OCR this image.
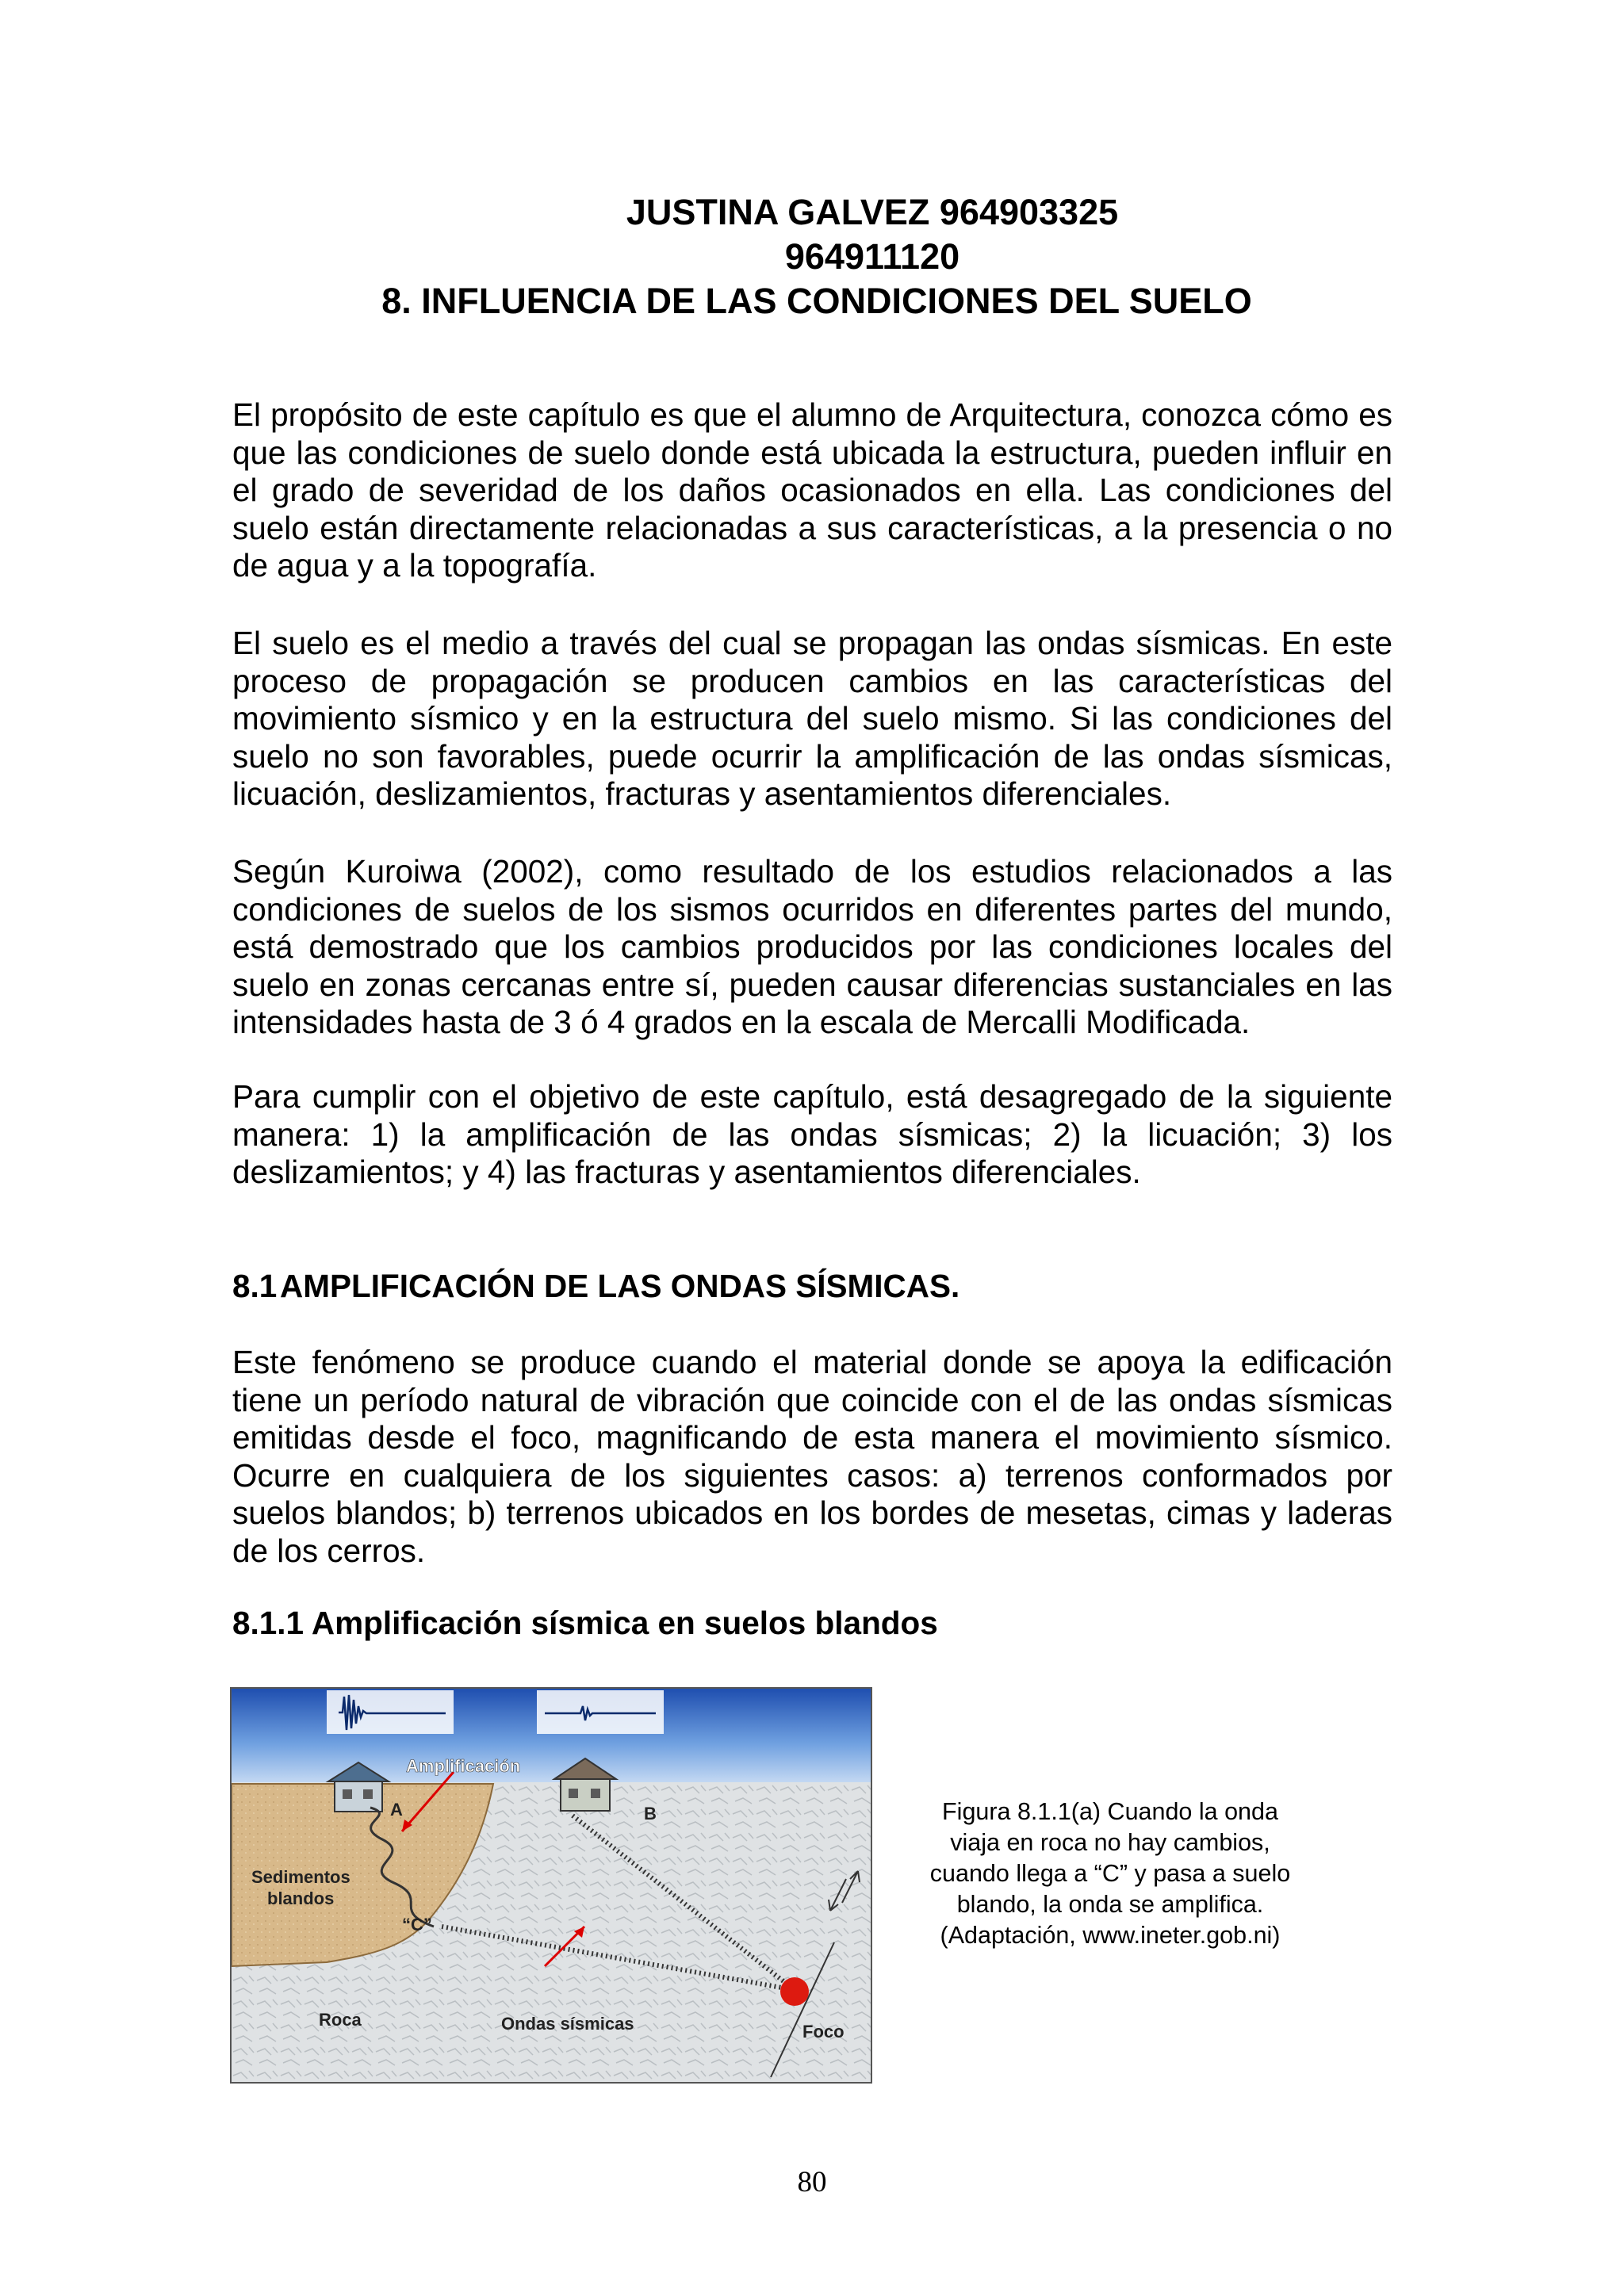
JUSTINA GALVEZ 964903325
964911120
8. INFLUENCIA DE LAS CONDICIONES DEL SUELO
El propósito de este capítulo es que el alumno de Arquitectura, conozca cómo es que las condiciones de suelo donde está ubicada la estructura, pueden influir en el grado de severidad de los daños ocasionados en ella. Las condiciones del suelo están directamente relacionadas a sus características, a la presencia o no de agua y a la topografía.
El suelo es el medio a través del cual se propagan las ondas sísmicas. En este proceso de propagación se producen cambios en las características del movimiento sísmico y en la estructura del suelo mismo. Si las condiciones del suelo no son favorables, puede ocurrir la amplificación de las ondas sísmicas, licuación, deslizamientos, fracturas y asentamientos diferenciales.
Según Kuroiwa (2002), como resultado de los estudios relacionados a las condiciones de suelos de los sismos ocurridos en diferentes partes del mundo, está demostrado que los cambios producidos por las condiciones locales del suelo en zonas cercanas entre sí, pueden causar diferencias sustanciales en las intensidades hasta de 3 ó 4 grados en la escala de Mercalli Modificada.
Para cumplir con el objetivo de este capítulo, está desagregado de la siguiente manera: 1) la amplificación de las ondas sísmicas; 2) la licuación; 3) los deslizamientos; y 4) las fracturas y asentamientos diferenciales.
8.1AMPLIFICACIÓN DE LAS ONDAS SÍSMICAS.
Este fenómeno se produce cuando el material donde se apoya la edificación tiene un período natural de vibración que coincide con el de las ondas sísmicas emitidas desde el foco, magnificando de esta manera el movimiento sísmico. Ocurre en cualquiera de los siguientes casos: a) terrenos conformados por suelos blandos; b) terrenos ubicados en los bordes de mesetas, cimas y laderas de los cerros.
8.1.1 Amplificación sísmica en suelos blandos
Amplificación
A	B
“C”
Sedimentos
blandos
Roca	Ondas sísmicas	Foco
Figura 8.1.1(a) Cuando la onda
viaja en roca no hay cambios,
cuando llega a “C” y pasa a suelo
blando, la onda se amplifica.
(Adaptación, www.ineter.gob.ni)
80
